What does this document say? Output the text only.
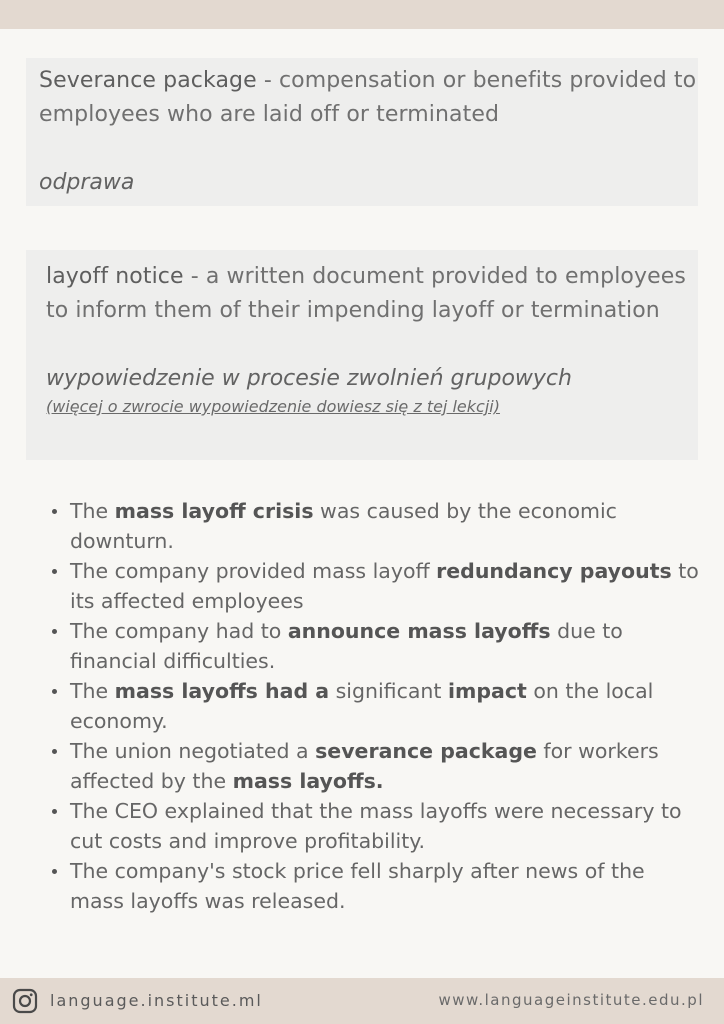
Severance package - compensation or benefits provided to employees who are laid off or terminated
odprawa
layoff notice - a written document provided to employees to inform them of their impending layoff or termination
wypowiedzenie w procesie zwolnień grupowych
(więcej o zwrocie wypowiedzenie dowiesz się z tej lekcji)
The mass layoff crisis was caused by the economic downturn.
The company provided mass layoff redundancy payouts to its affected employees
The company had to announce mass layoffs due to financial difficulties.
The mass layoffs had a significant impact on the local economy.
The union negotiated a severance package for workers affected by the mass layoffs.
The CEO explained that the mass layoffs were necessary to cut costs and improve profitability.
The company's stock price fell sharply after news of the mass layoffs was released.
language.institute.ml	www.languageinstitute.edu.pl
